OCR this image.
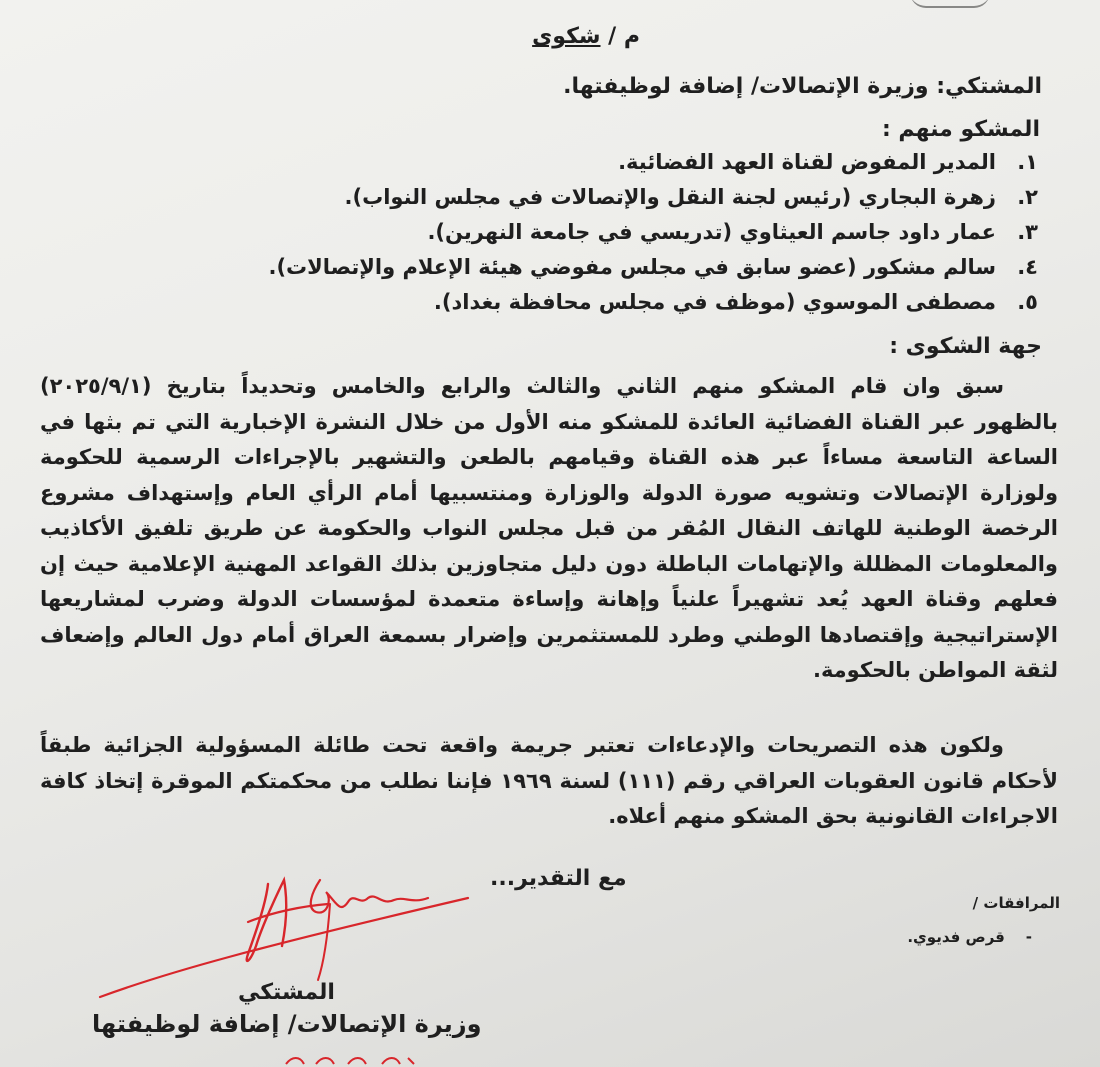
م / شكوى
المشتكي: وزيرة الإتصالات/ إضافة لوظيفتها.
المشكو منهم :
١.المدير المفوض لقناة العهد الفضائية.
٢.زهرة البجاري (رئيس لجنة النقل والإتصالات في مجلس النواب).
٣.عمار داود جاسم العيثاوي (تدريسي في جامعة النهرين).
٤.سالم مشكور (عضو سابق في مجلس مفوضي هيئة الإعلام والإتصالات).
٥.مصطفى الموسوي (موظف في مجلس محافظة بغداد).
جهة الشكوى :

سبق وان قام المشكو منهم الثاني والثالث والرابع والخامس وتحديداً بتاريخ (٢٠٢٥/٩/١) بالظهور عبر القناة الفضائية العائدة للمشكو منه الأول من خلال النشرة الإخبارية التي تم بثها في الساعة التاسعة مساءاً عبر هذه القناة وقيامهم بالطعن والتشهير بالإجراءات الرسمية للحكومة ولوزارة الإتصالات وتشويه صورة الدولة والوزارة ومنتسبيها أمام الرأي العام وإستهداف مشروع الرخصة الوطنية للهاتف النقال المُقر من قبل مجلس النواب والحكومة عن طريق تلفيق الأكاذيب والمعلومات المظللة والإتهامات الباطلة دون دليل متجاوزين بذلك القواعد المهنية الإعلامية حيث إن فعلهم وقناة العهد يُعد تشهيراً علنياً وإهانة وإساءة متعمدة لمؤسسات الدولة وضرب لمشاريعها الإستراتيجية وإقتصادها الوطني وطرد للمستثمرين وإضرار بسمعة العراق أمام دول العالم وإضعاف لثقة المواطن بالحكومة.

ولكون هذه التصريحات والإدعاءات تعتبر جريمة واقعة تحت طائلة المسؤولية الجزائية طبقاً لأحكام قانون العقوبات العراقي رقم (١١١) لسنة ١٩٦٩ فإننا نطلب من محكمتكم الموقرة إتخاذ كافة الاجراءات القانونية بحق المشكو منهم أعلاه.

مع التقدير...
المرافقات /
-    قرص فديوي.
المشتكي
وزيرة الإتصالات/ إضافة لوظيفتها
